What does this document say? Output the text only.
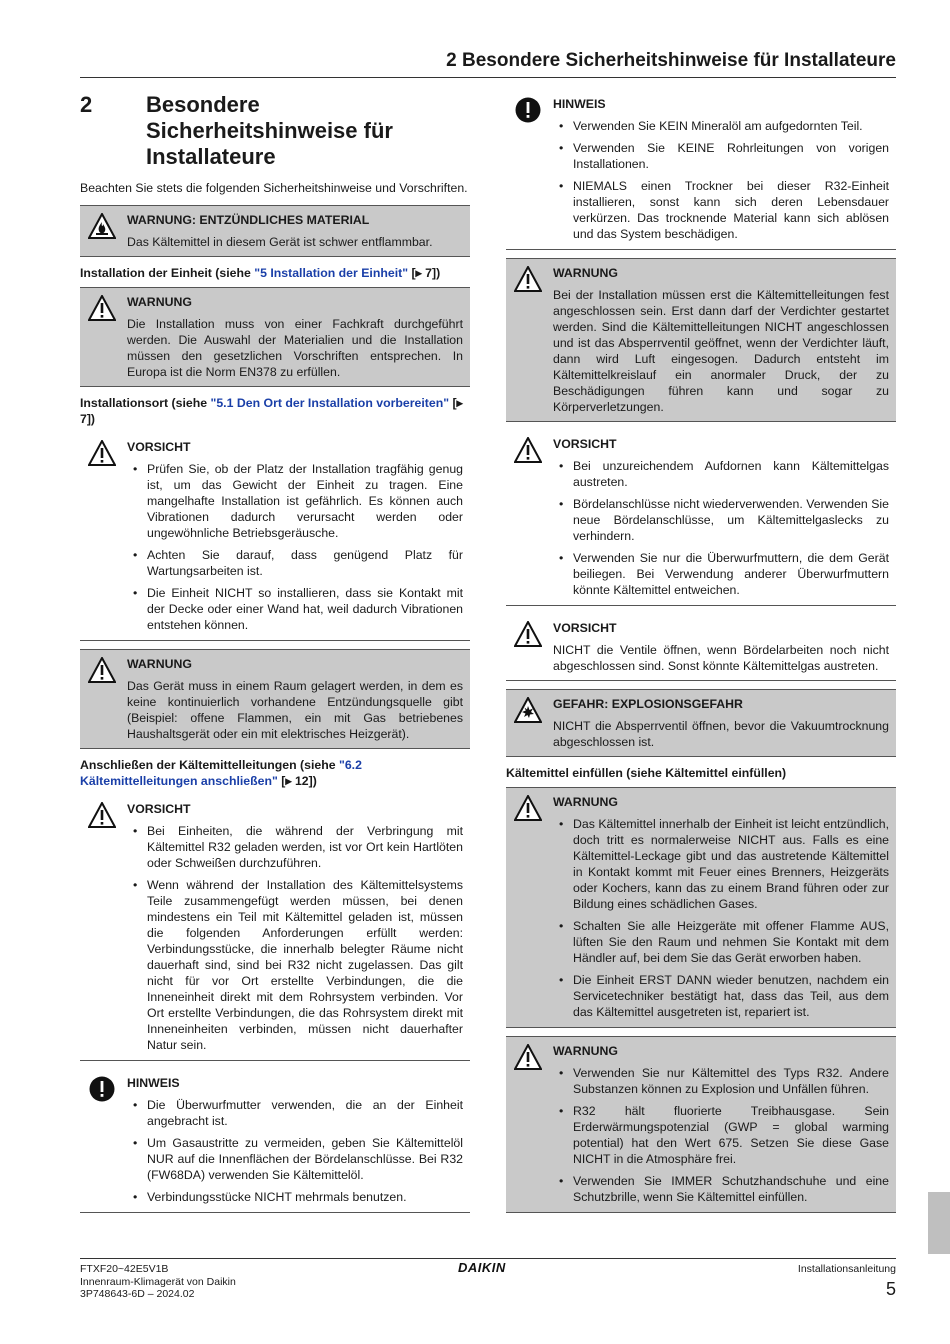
2 Besondere Sicherheitshinweise für Installateure
2	Besondere Sicherheitshinweise für Installateure

Beachten Sie stets die folgenden Sicherheitshinweise und Vorschriften.

WARNUNG: ENTZÜNDLICHES MATERIAL

Das Kältemittel in diesem Gerät ist schwer entflammbar.

Installation der Einheit (siehe "5 Installation der Einheit" [▸ 7])
WARNUNG

Die Installation muss von einer Fachkraft durchgeführt werden. Die Auswahl der Materialien und die Installation müssen den gesetzlichen Vorschriften entsprechen. In Europa ist die Norm EN378 zu erfüllen.

Installationsort (siehe "5.1 Den Ort der Installation vorbereiten" [▸ 7])
VORSICHT
• Prüfen Sie, ob der Platz der Installation tragfähig genug ist, um das Gewicht der Einheit zu tragen. Eine mangelhafte Installation ist gefährlich. Es können auch Vibrationen dadurch verursacht werden oder ungewöhnliche Betriebsgeräusche.
• Achten Sie darauf, dass genügend Platz für Wartungsarbeiten ist.
• Die Einheit NICHT so installieren, dass sie Kontakt mit der Decke oder einer Wand hat, weil dadurch Vibrationen entstehen können.
WARNUNG

Das Gerät muss in einem Raum gelagert werden, in dem es keine kontinuierlich vorhandene Entzündungsquelle gibt (Beispiel: offene Flammen, ein mit Gas betriebenes Haushaltsgerät oder ein mit elektrisches Heizgerät).

Anschließen der Kältemittelleitungen (siehe "6.2 Kältemittelleitungen anschließen" [▸ 12])
VORSICHT
• Bei Einheiten, die während der Verbringung mit Kältemittel R32 geladen werden, ist vor Ort kein Hartlöten oder Schweißen durchzuführen.
• Wenn während der Installation des Kältemittelsystems Teile zusammengefügt werden müssen, bei denen mindestens ein Teil mit Kältemittel geladen ist, müssen die folgenden Anforderungen erfüllt werden: Verbindungsstücke, die innerhalb belegter Räume nicht dauerhaft sind, sind bei R32 nicht zugelassen. Das gilt nicht für vor Ort erstellte Verbindungen, die die Inneneinheit direkt mit dem Rohrsystem verbinden. Vor Ort erstellte Verbindungen, die das Rohrsystem direkt mit Inneneinheiten verbinden, müssen nicht dauerhafter Natur sein.
HINWEIS
• Die Überwurfmutter verwenden, die an der Einheit angebracht ist.
• Um Gasaustritte zu vermeiden, geben Sie Kältemittelöl NUR auf die Innenflächen der Bördelanschlüsse. Bei R32 (FW68DA) verwenden Sie Kältemittelöl.
• Verbindungsstücke NICHT mehrmals benutzen.
HINWEIS
• Verwenden Sie KEIN Mineralöl am aufgedornten Teil.
• Verwenden Sie KEINE Rohrleitungen von vorigen Installationen.
• NIEMALS einen Trockner bei dieser R32-Einheit installieren, sonst kann sich deren Lebensdauer verkürzen. Das trocknende Material kann sich ablösen und das System beschädigen.
WARNUNG

Bei der Installation müssen erst die Kältemittelleitungen fest angeschlossen sein. Erst dann darf der Verdichter gestartet werden. Sind die Kältemittelleitungen NICHT angeschlossen und ist das Absperrventil geöffnet, wenn der Verdichter läuft, dann wird Luft eingesogen. Dadurch entsteht im Kältemittelkreislauf ein anormaler Druck, der zu Beschädigungen führen kann und sogar zu Körperverletzungen.

VORSICHT
• Bei unzureichendem Aufdornen kann Kältemittelgas austreten.
• Bördelanschlüsse nicht wiederverwenden. Verwenden Sie neue Bördelanschlüsse, um Kältemittelgaslecks zu verhindern.
• Verwenden Sie nur die Überwurfmuttern, die dem Gerät beiliegen. Bei Verwendung anderer Überwurfmuttern könnte Kältemittel entweichen.
VORSICHT

NICHT die Ventile öffnen, wenn Bördelarbeiten noch nicht abgeschlossen sind. Sonst könnte Kältemittelgas austreten.

GEFAHR: EXPLOSIONSGEFAHR

NICHT die Absperrventil öffnen, bevor die Vakuumtrocknung abgeschlossen ist.

Kältemittel einfüllen (siehe Kältemittel einfüllen)
WARNUNG
• Das Kältemittel innerhalb der Einheit ist leicht entzündlich, doch tritt es normalerweise NICHT aus. Falls es eine Kältemittel-Leckage gibt und das austretende Kältemittel in Kontakt kommt mit Feuer eines Brenners, Heizgeräts oder Kochers, kann das zu einem Brand führen oder zur Bildung eines schädlichen Gases.
• Schalten Sie alle Heizgeräte mit offener Flamme AUS, lüften Sie den Raum und nehmen Sie Kontakt mit dem Händler auf, bei dem Sie das Gerät erworben haben.
• Die Einheit ERST DANN wieder benutzen, nachdem ein Servicetechniker bestätigt hat, dass das Teil, aus dem das Kältemittel ausgetreten ist, repariert ist.
WARNUNG
• Verwenden Sie nur Kältemittel des Typs R32. Andere Substanzen können zu Explosion und Unfällen führen.
• R32 hält fluorierte Treibhausgase. Sein Erderwärmungspotenzial (GWP = global warming potential) hat den Wert 675. Setzen Sie diese Gase NICHT in die Atmosphäre frei.
• Verwenden Sie IMMER Schutzhandschuhe und eine Schutzbrille, wenn Sie Kältemittel einfüllen.
FTXF20~42E5V1B
Innenraum-Klimagerät von Daikin
3P748643-6D – 2024.02
DAIKIN	Installationsanleitung
5
